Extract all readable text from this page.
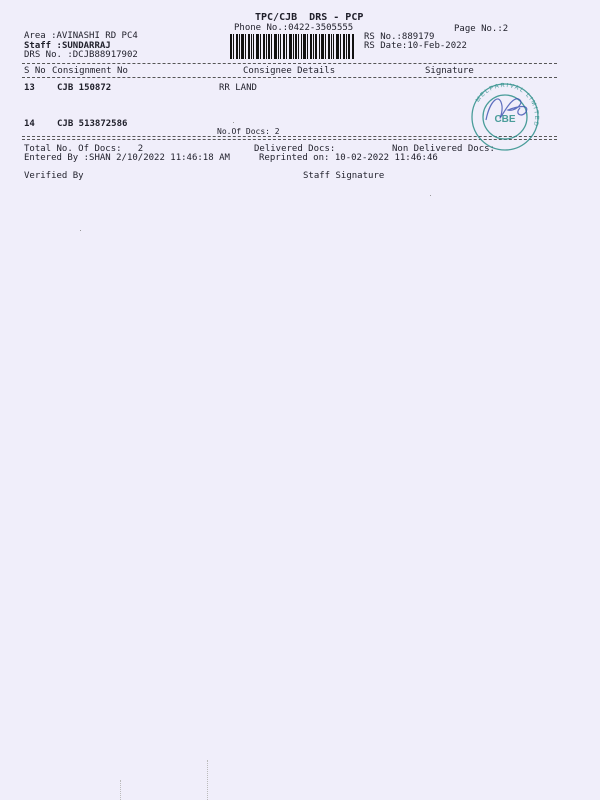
TPC/CJB  DRS - PCP
Phone No.:0422-3505555	Page No.:2
Area :AVINASHI RD PC4
Staff :SUNDARRAJ
DRS No. :DCJB88917902
RS No.:889179
RS Date:10-Feb-2022
S No Consignment No	Consignee Details	Signature
13 CJB 150872	RR LAND
14 CJB 513872586
No.Of Docs: 2
Total No. Of Docs:   2	Delivered Docs:	Non Delivered Docs:
Entered By :SHAN 2/10/2022 11:46:18 AM	Reprinted on: 10-02-2022 11:46:46
Verified By	Staff Signature
MELPARIVAL LIMITED
CBE
